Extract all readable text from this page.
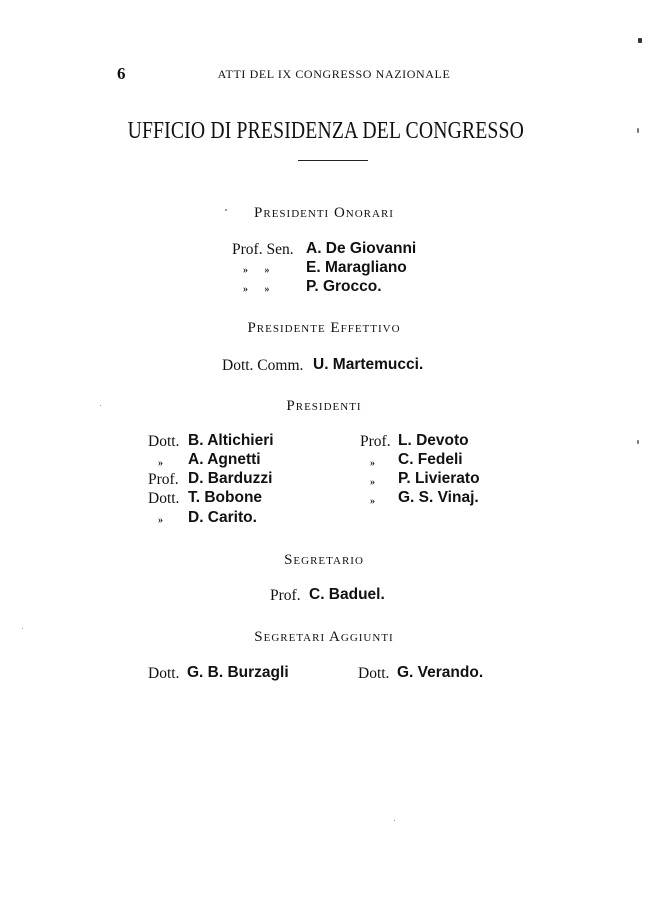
6	ATTI DEL IX CONGRESSO NAZIONALE
UFFICIO DI PRESIDENZA DEL CONGRESSO
Presidenti Onorari
Prof. Sen. A. De Giovanni
» » E. Maragliano
» » P. Grocco.
Presidente Effettivo
Dott. Comm. U. Martemucci.
Presidenti
Dott. B. Altichieri
» A. Agnetti
Prof. D. Barduzzi
Dott. T. Bobone
» D. Carito.
Prof. L. Devoto
» C. Fedeli
» P. Livierato
» G. S. Vinaj.
Segretario
Prof. C. Baduel.
Segretari Aggiunti
Dott. G. B. Burzagli	Dott. G. Verando.
